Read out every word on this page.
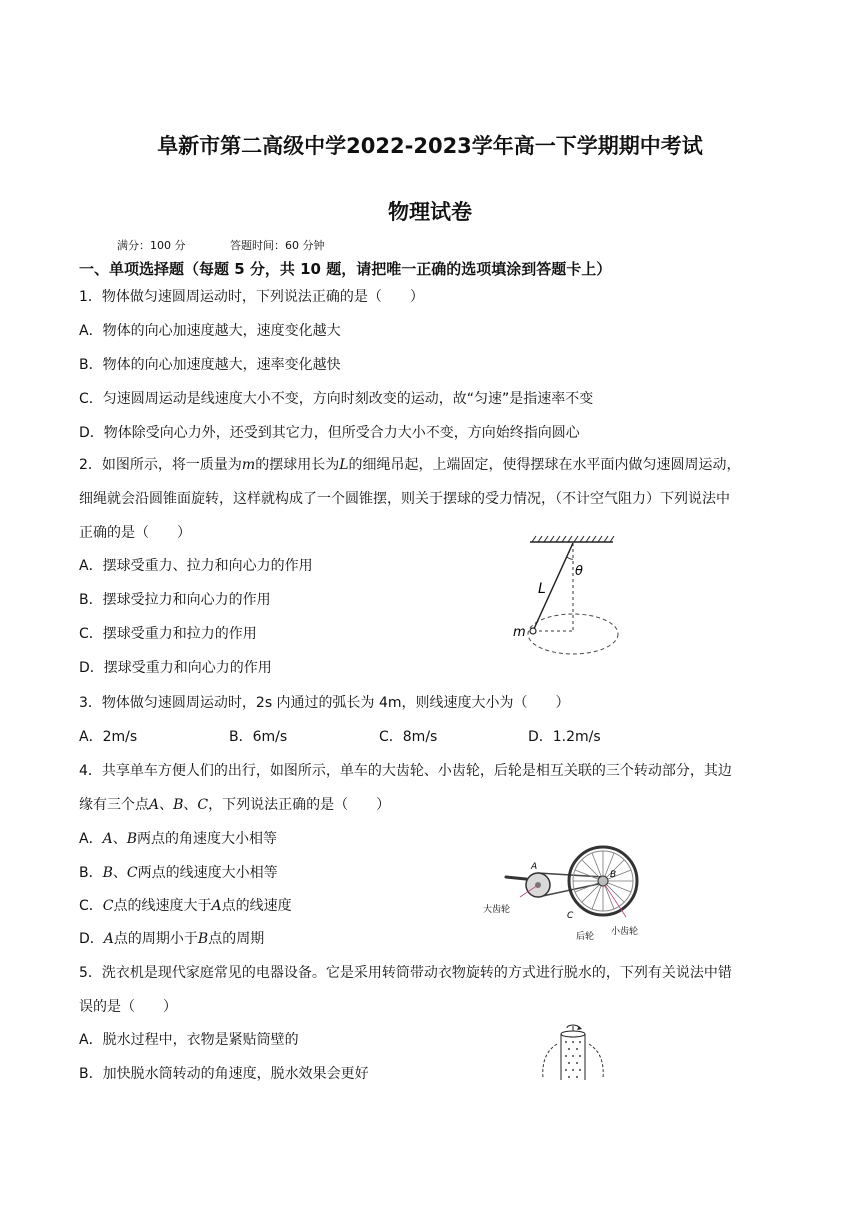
阜新市第二高级中学2022-2023学年高一下学期期中考试
物理试卷
满分：100 分	答题时间：60 分钟
一、单项选择题（每题 5 分，共 10 题，请把唯一正确的选项填涂到答题卡上）
1．物体做匀速圆周运动时，下列说法正确的是（　　）
A．物体的向心加速度越大，速度变化越大
B．物体的向心加速度越大，速率变化越快
C．匀速圆周运动是线速度大小不变，方向时刻改变的运动，故“匀速”是指速率不变
D．物体除受向心力外，还受到其它力，但所受合力大小不变，方向始终指向圆心
2．如图所示，将一质量为m的摆球用长为L的细绳吊起，上端固定，使得摆球在水平面内做匀速圆周运动，
细绳就会沿圆锥面旋转，这样就构成了一个圆锥摆，则关于摆球的受力情况，（不计空气阻力）下列说法中
正确的是（　　）
A．摆球受重力、拉力和向心力的作用
B．摆球受拉力和向心力的作用
C．摆球受重力和拉力的作用
D．摆球受重力和向心力的作用
L
θ
m
3．物体做匀速圆周运动时，2s 内通过的弧长为 4m，则线速度大小为（　　）
A．2m/s	B．6m/s	C．8m/s	D．1.2m/s
4．共享单车方便人们的出行，如图所示，单车的大齿轮、小齿轮，后轮是相互关联的三个转动部分，其边
缘有三个点A、B、C，下列说法正确的是（　　）
A．A、B两点的角速度大小相等
B．B、C两点的线速度大小相等
C．C点的线速度大于A点的线速度
D．A点的周期小于B点的周期
A
B
C
大齿轮
后轮 小齿轮
5．洗衣机是现代家庭常见的电器设备。它是采用转筒带动衣物旋转的方式进行脱水的，下列有关说法中错
误的是（　　）
A．脱水过程中，衣物是紧贴筒壁的
B．加快脱水筒转动的角速度，脱水效果会更好
